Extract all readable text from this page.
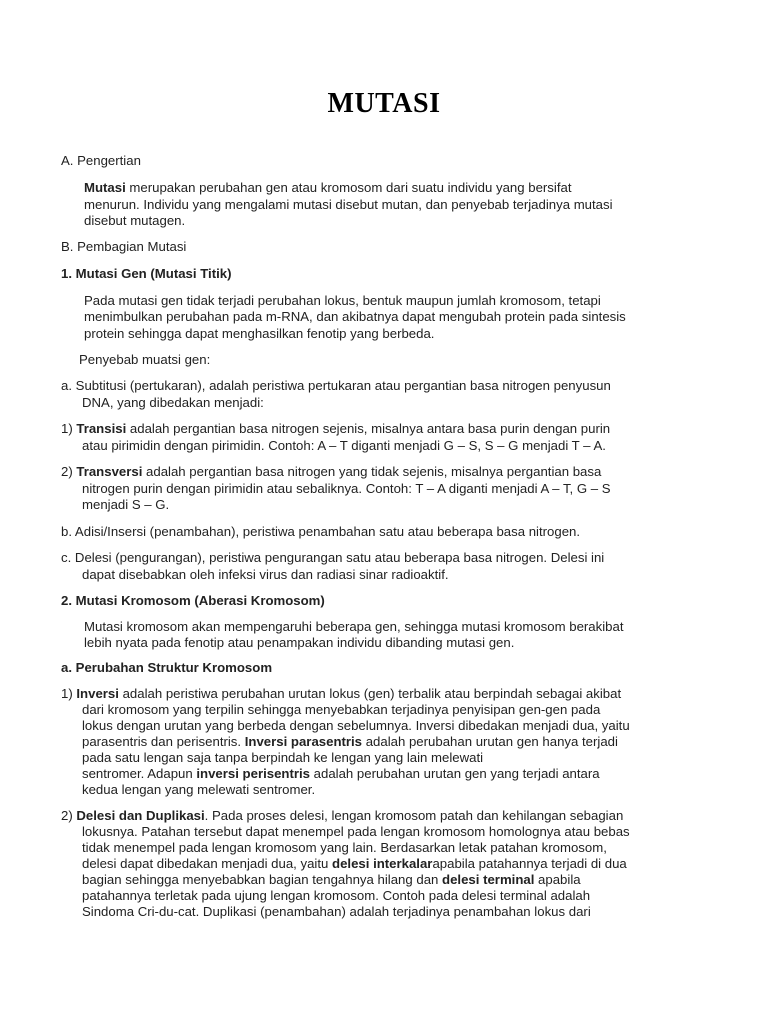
MUTASI
A. Pengertian
Mutasi merupakan perubahan gen atau kromosom dari suatu individu yang bersifat
menurun. Individu yang mengalami mutasi disebut mutan, dan penyebab terjadinya mutasi
disebut mutagen.
B. Pembagian Mutasi
1. Mutasi Gen (Mutasi Titik)
Pada mutasi gen tidak terjadi perubahan lokus, bentuk maupun jumlah kromosom, tetapi
menimbulkan perubahan pada m-RNA, dan akibatnya dapat mengubah protein pada sintesis
protein sehingga dapat menghasilkan fenotip yang berbeda.
Penyebab muatsi gen:
a. Subtitusi (pertukaran), adalah peristiwa pertukaran atau pergantian basa nitrogen penyusun
DNA, yang dibedakan menjadi:
1) Transisi adalah pergantian basa nitrogen sejenis, misalnya antara basa purin dengan purin
atau pirimidin dengan pirimidin. Contoh: A – T diganti menjadi G – S, S – G menjadi T – A.
2) Transversi adalah pergantian basa nitrogen yang tidak sejenis, misalnya pergantian basa
nitrogen purin dengan pirimidin atau sebaliknya. Contoh: T – A diganti menjadi A – T, G – S
menjadi S – G.
b. Adisi/Insersi (penambahan), peristiwa penambahan satu atau beberapa basa nitrogen.
c. Delesi (pengurangan), peristiwa pengurangan satu atau beberapa basa nitrogen. Delesi ini
dapat disebabkan oleh infeksi virus dan radiasi sinar radioaktif.
2. Mutasi Kromosom (Aberasi Kromosom)
Mutasi kromosom akan mempengaruhi beberapa gen, sehingga mutasi kromosom berakibat
lebih nyata pada fenotip atau penampakan individu dibanding mutasi gen.
a. Perubahan Struktur Kromosom
1) Inversi adalah peristiwa perubahan urutan lokus (gen) terbalik atau berpindah sebagai akibat
dari kromosom yang terpilin sehingga menyebabkan terjadinya penyisipan gen-gen pada
lokus dengan urutan yang berbeda dengan sebelumnya. Inversi dibedakan menjadi dua, yaitu
parasentris dan perisentris. Inversi parasentris adalah perubahan urutan gen hanya terjadi
pada satu lengan saja tanpa berpindah ke lengan yang lain melewati
sentromer. Adapun inversi perisentris adalah perubahan urutan gen yang terjadi antara
kedua lengan yang melewati sentromer.
2) Delesi dan Duplikasi. Pada proses delesi, lengan kromosom patah dan kehilangan sebagian
lokusnya. Patahan tersebut dapat menempel pada lengan kromosom homolognya atau bebas
tidak menempel pada lengan kromosom yang lain. Berdasarkan letak patahan kromosom,
delesi dapat dibedakan menjadi dua, yaitu delesi interkalarapabila patahannya terjadi di dua
bagian sehingga menyebabkan bagian tengahnya hilang dan delesi terminal apabila
patahannya terletak pada ujung lengan kromosom. Contoh pada delesi terminal adalah
Sindoma Cri-du-cat. Duplikasi (penambahan) adalah terjadinya penambahan lokus dari
